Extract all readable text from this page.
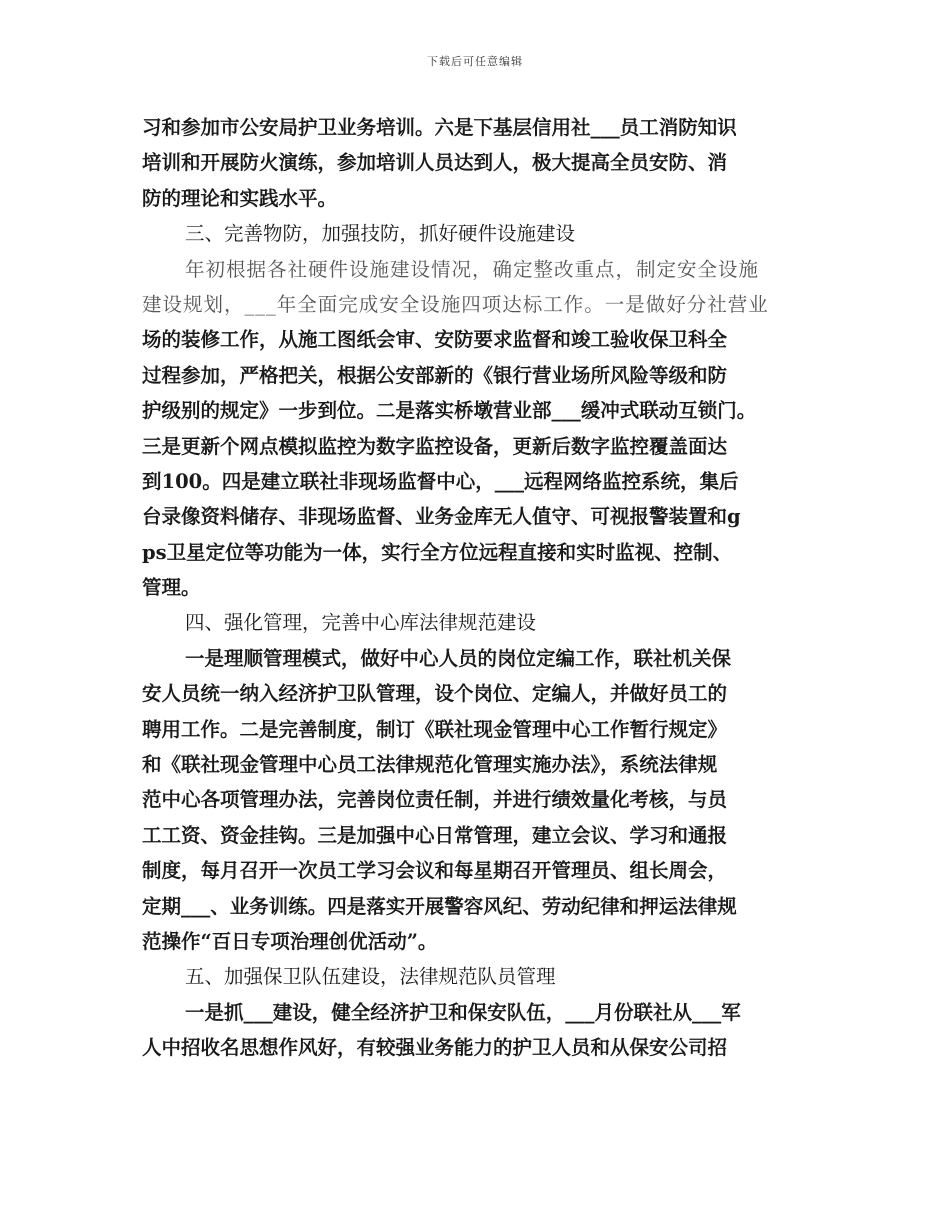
下载后可任意编辑
习和参加市公安局护卫业务培训。六是下基层信用社___员工消防知识
培训和开展防火演练，参加培训人员达到人，极大提高全员安防、消
防的理论和实践水平。
三、完善物防，加强技防，抓好硬件设施建设
年初根据各社硬件设施建设情况，确定整改重点，制定安全设施
建设规划，___年全面完成安全设施四项达标工作。一是做好分社营业
场的装修工作，从施工图纸会审、安防要求监督和竣工验收保卫科全
过程参加，严格把关，根据公安部新的《银行营业场所风险等级和防
护级别的规定》一步到位。二是落实桥墩营业部___缓冲式联动互锁门。
三是更新个网点模拟监控为数字监控设备，更新后数字监控覆盖面达
到100。四是建立联社非现场监督中心，___远程网络监控系统，集后
台录像资料储存、非现场监督、业务金库无人值守、可视报警装置和g
ps卫星定位等功能为一体，实行全方位远程直接和实时监视、控制、
管理。
四、强化管理，完善中心库法律规范建设
一是理顺管理模式，做好中心人员的岗位定编工作，联社机关保
安人员统一纳入经济护卫队管理，设个岗位、定编人，并做好员工的
聘用工作。二是完善制度，制订《联社现金管理中心工作暂行规定》
和《联社现金管理中心员工法律规范化管理实施办法》，系统法律规
范中心各项管理办法，完善岗位责任制，并进行绩效量化考核，与员
工工资、资金挂钩。三是加强中心日常管理，建立会议、学习和通报
制度，每月召开一次员工学习会议和每星期召开管理员、组长周会，
定期___、业务训练。四是落实开展警容风纪、劳动纪律和押运法律规
范操作“百日专项治理创优活动”。
五、加强保卫队伍建设，法律规范队员管理
一是抓___建设，健全经济护卫和保安队伍，___月份联社从___军
人中招收名思想作风好，有较强业务能力的护卫人员和从保安公司招
